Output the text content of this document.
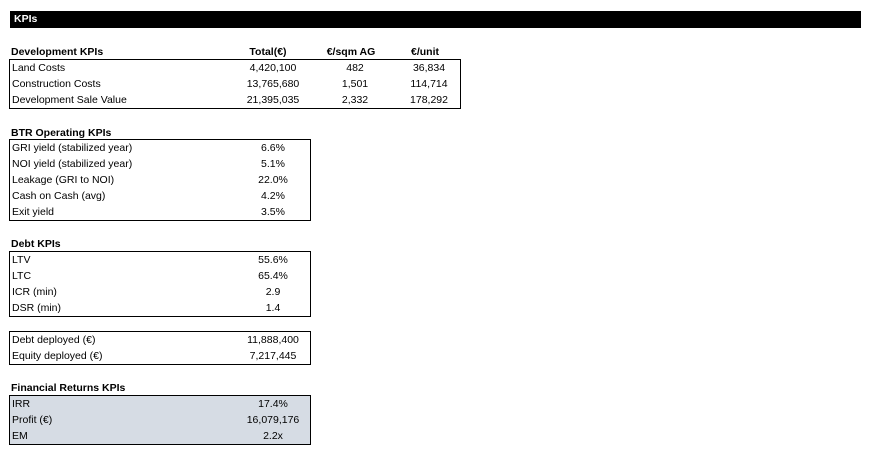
KPIs
Development KPIs	Total(€)	€/sqm AG	€/unit
Land Costs	4,420,100	482	36,834
Construction Costs	13,765,680	1,501	114,714
Development Sale Value	21,395,035	2,332	178,292
BTR Operating KPIs
GRI yield (stabilized year)	6.6%
NOI yield (stabilized year)	5.1%
Leakage (GRI to NOI)	22.0%
Cash on Cash (avg)	4.2%
Exit yield	3.5%
Debt KPIs
LTV	55.6%
LTC	65.4%
ICR (min)	2.9
DSR (min)	1.4
Debt deployed (€)	11,888,400
Equity deployed (€)	7,217,445
Financial Returns KPIs
IRR	17.4%
Profit (€)	16,079,176
EM	2.2x
